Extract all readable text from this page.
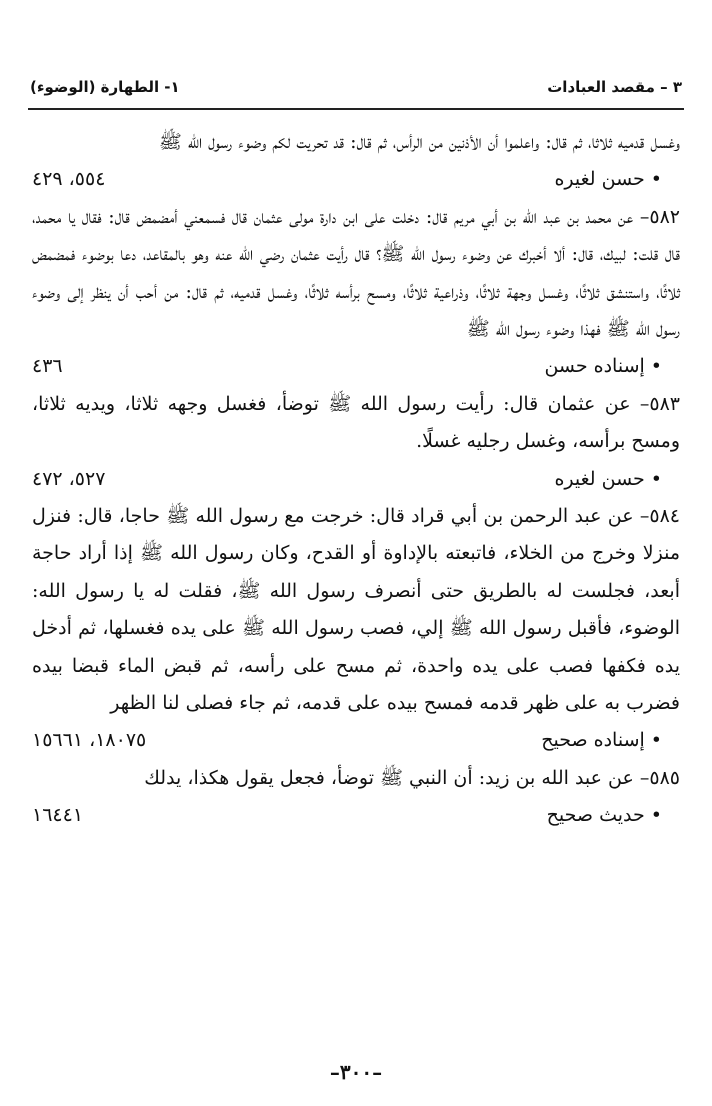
٣ – مقصد العبادات
١- الطهارة (الوضوء)

وغسل قدميه ثلاثا، ثم قال: واعلموا أن الأذنين من الرأس، ثم قال: قد تحريت لكم وضوء رسول الله ﷺ

• حسن لغيره
٥٥٤، ٤٢٩

٥٨٢– عن محمد بن عبد الله بن أبي مريم قال: دخلت على ابن دارة مولى عثمان قال فسمعني أمضمض قال: فقال يا محمد، قال قلت: لبيك، قال: ألا أخبرك عن وضوء رسول الله ﷺ؟ قال رأيت عثمان رضي الله عنه وهو بالمقاعد، دعا بوضوء فمضمض ثلاثًا، واستنشق ثلاثًا، وغسل وجهة ثلاثًا، وذراعية ثلاثًا، ومسح برأسه ثلاثًا، وغسل قدميه، ثم قال: من أحب أن ينظر إلى وضوء رسول الله ﷺ فهذا وضوء رسول الله ﷺ

• إسناده حسن
٤٣٦

٥٨٣– عن عثمان قال: رأيت رسول الله ﷺ توضأ، فغسل وجهه ثلاثا، ويديه ثلاثا، ومسح برأسه، وغسل رجليه غسلًا.

• حسن لغيره
٥٢٧، ٤٧٢

٥٨٤– عن عبد الرحمن بن أبي قراد قال: خرجت مع رسول الله ﷺ حاجا، قال: فنزل منزلا وخرج من الخلاء، فاتبعته بالإداوة أو القدح، وكان رسول الله ﷺ إذا أراد حاجة أبعد، فجلست له بالطريق حتى أنصرف رسول الله ﷺ، فقلت له يا رسول الله: الوضوء، فأقبل رسول الله ﷺ إلي، فصب رسول الله ﷺ على يده فغسلها، ثم أدخل يده فكفها فصب على يده واحدة، ثم مسح على رأسه، ثم قبض الماء قبضا بيده فضرب به على ظهر قدمه فمسح بيده على قدمه، ثم جاء فصلى لنا الظهر

• إسناده صحيح
١٨٠٧٥، ١٥٦٦١

٥٨٥– عن عبد الله بن زيد: أن النبي ﷺ توضأ، فجعل يقول هكذا، يدلك

• حديث صحيح
١٦٤٤١
–٣٠٠–
